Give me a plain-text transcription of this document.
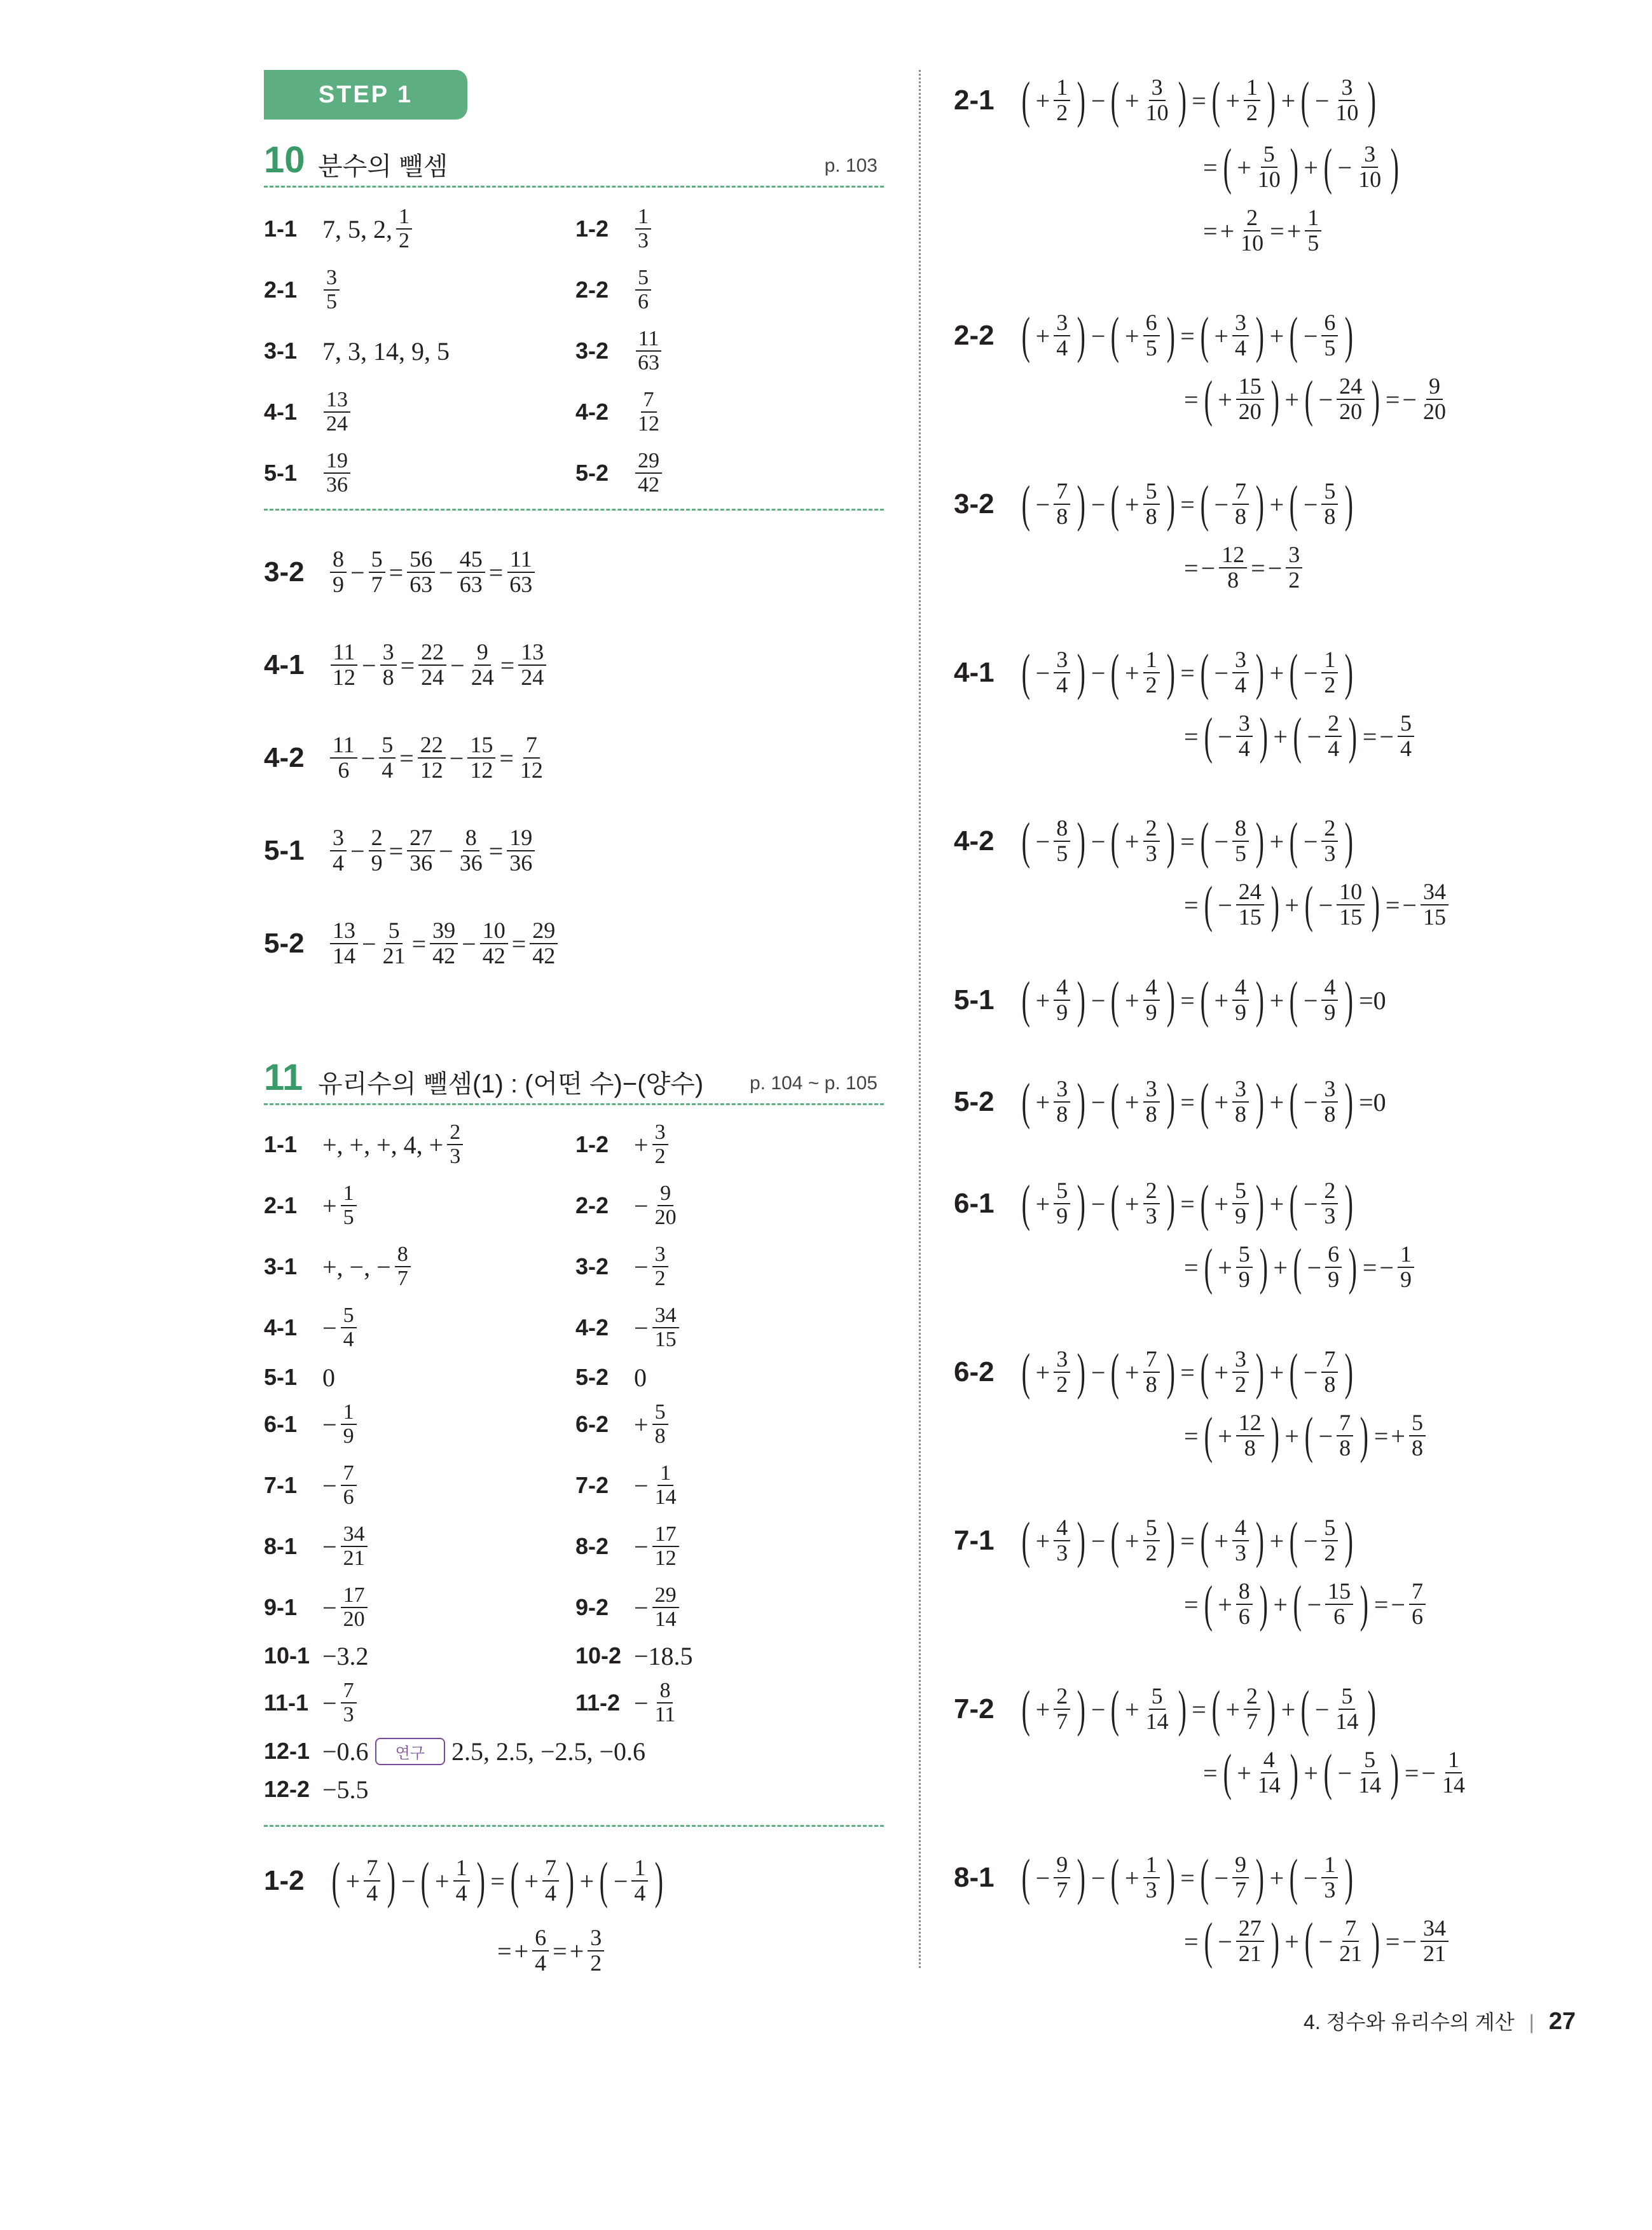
STEP 1
10 분수의 뺄셈	p. 103
1-1 7, 5, 2, $\frac{1}{2}$	1-2	$\frac{1}{3}$
2-1	$\frac{3}{5}$	2-2	$\frac{5}{6}$
3-1 7, 3, 14, 9, 5	3-2	$\frac{11}{63}$
4-1	$\frac{13}{24}$	4-2	$\frac{7}{12}$
5-1	$\frac{19}{36}$	5-2	$\frac{29}{42}$
3-2	$\frac{8}{9} - \frac{5}{7} = \frac{56}{63} - \frac{45}{63} = \frac{11}{63}$
4-1	$\frac{11}{12} - \frac{3}{8} = \frac{22}{24} - \frac{9}{24} = \frac{13}{24}$
4-2	$\frac{11}{6} - \frac{5}{4} = \frac{22}{12} - \frac{15}{12} = \frac{7}{12}$
5-1	$\frac{3}{4} - \frac{2}{9} = \frac{27}{36} - \frac{8}{36} = \frac{19}{36}$
5-2	$\frac{13}{14} - \frac{5}{21} = \frac{39}{42} - \frac{10}{42} = \frac{29}{42}$
1-1 +, +, +, 4, + $\frac{2}{3}$	$1-2 + \frac{3}{2}$
$2-1 + \frac{1}{5}$	$2-2 - \frac{9}{20}$
3-1 +, −, − $\frac{8}{7}$	$3-2 - \frac{3}{2}$
$4-1 - \frac{5}{4}$	$4-2 - \frac{34}{15}$
5-1 0	5-2 0
$6-1 - \frac{1}{9}$	$6-2 + \frac{5}{8}$
$7-1 - \frac{7}{6}$	$7-2 - \frac{1}{14}$
$8-1 - \frac{34}{21}$	$8-2 - \frac{17}{12}$
$9-1 - \frac{17}{20}$	$9-2 - \frac{29}{14}$
10-1 −3.2	10-2 −18.5
$11-1 - \frac{7}{3}$	$11-2 - \frac{8}{11}$
12-1 −0.6	연구	2.5, 2.5, −2.5, −0.6
12-2 −5.5
1-2 ( + $\frac{7}{4}$ ) − ( + $\frac{1}{4}$ ) = ( + $\frac{7}{4}$ ) + ( − $\frac{1}{4}$ )
= + $\frac{6}{4}$ = + $\frac{3}{2}$
2-1 ( + $\frac{1}{2}$ ) − ( + $\frac{3}{10}$ ) = ( + $\frac{1}{2}$ ) + ( − $\frac{3}{10}$ )
= ( + $\frac{5}{10}$ ) + ( − $\frac{3}{10}$ )
= + $\frac{2}{10}$ = + $\frac{1}{5}$
2-2 ( + $\frac{3}{4}$ ) − ( + $\frac{6}{5}$ ) = ( + $\frac{3}{4}$ ) + ( − $\frac{6}{5}$ )
= ( + $\frac{15}{20}$ ) + ( − $\frac{24}{20}$ ) = − $\frac{9}{20}$
3-2 ( − $\frac{7}{8}$ ) − ( + $\frac{5}{8}$ ) = ( − $\frac{7}{8}$ ) + ( − $\frac{5}{8}$ )
= − $\frac{12}{8}$ = − $\frac{3}{2}$
4-1 ( − $\frac{3}{4}$ ) − ( + $\frac{1}{2}$ ) = ( − $\frac{3}{4}$ ) + ( − $\frac{1}{2}$ )
= ( − $\frac{3}{4}$ ) + ( − $\frac{2}{4}$ ) = − $\frac{5}{4}$
4-2 ( − $\frac{8}{5}$ ) − ( + $\frac{2}{3}$ ) = ( − $\frac{8}{5}$ ) + ( − $\frac{2}{3}$ )
= ( − $\frac{24}{15}$ ) + ( − $\frac{10}{15}$ ) = − $\frac{34}{15}$
5-1 ( + $\frac{4}{9}$ ) − ( + $\frac{4}{9}$ ) = ( + $\frac{4}{9}$ ) + ( − $\frac{4}{9}$ ) =0
5-2 ( + $\frac{3}{8}$ ) − ( + $\frac{3}{8}$ ) = ( + $\frac{3}{8}$ ) + ( − $\frac{3}{8}$ ) =0
6-1 ( + $\frac{5}{9}$ ) − ( + $\frac{2}{3}$ ) = ( + $\frac{5}{9}$ ) + ( − $\frac{2}{3}$ )
= ( + $\frac{5}{9}$ ) + ( − $\frac{6}{9}$ ) = − $\frac{1}{9}$
6-2 ( + $\frac{3}{2}$ ) − ( + $\frac{7}{8}$ ) = ( + $\frac{3}{2}$ ) + ( − $\frac{7}{8}$ )
= ( + $\frac{12}{8}$ ) + ( − $\frac{7}{8}$ ) = + $\frac{5}{8}$
7-1 ( + $\frac{4}{3}$ ) − ( + $\frac{5}{2}$ ) = ( + $\frac{4}{3}$ ) + ( − $\frac{5}{2}$ )
= ( + $\frac{8}{6}$ ) + ( − $\frac{15}{6}$ ) = − $\frac{7}{6}$
7-2 ( + $\frac{2}{7}$ ) − ( + $\frac{5}{14}$ ) = ( + $\frac{2}{7}$ ) + ( − $\frac{5}{14}$ )
= ( + $\frac{4}{14}$ ) + ( − $\frac{5}{14}$ ) = − $\frac{1}{14}$
8-1 ( − $\frac{9}{7}$ ) − ( + $\frac{1}{3}$ ) = ( − $\frac{9}{7}$ ) + ( − $\frac{1}{3}$ )
= ( − $\frac{27}{21}$ ) + ( − $\frac{7}{21}$ ) = − $\frac{34}{21}$
11 유리수의 뺄셈(1) : (어떤 수)−(양수) p. 104 ~ p. 105
4. 정수와 유리수의 계산 | 27
